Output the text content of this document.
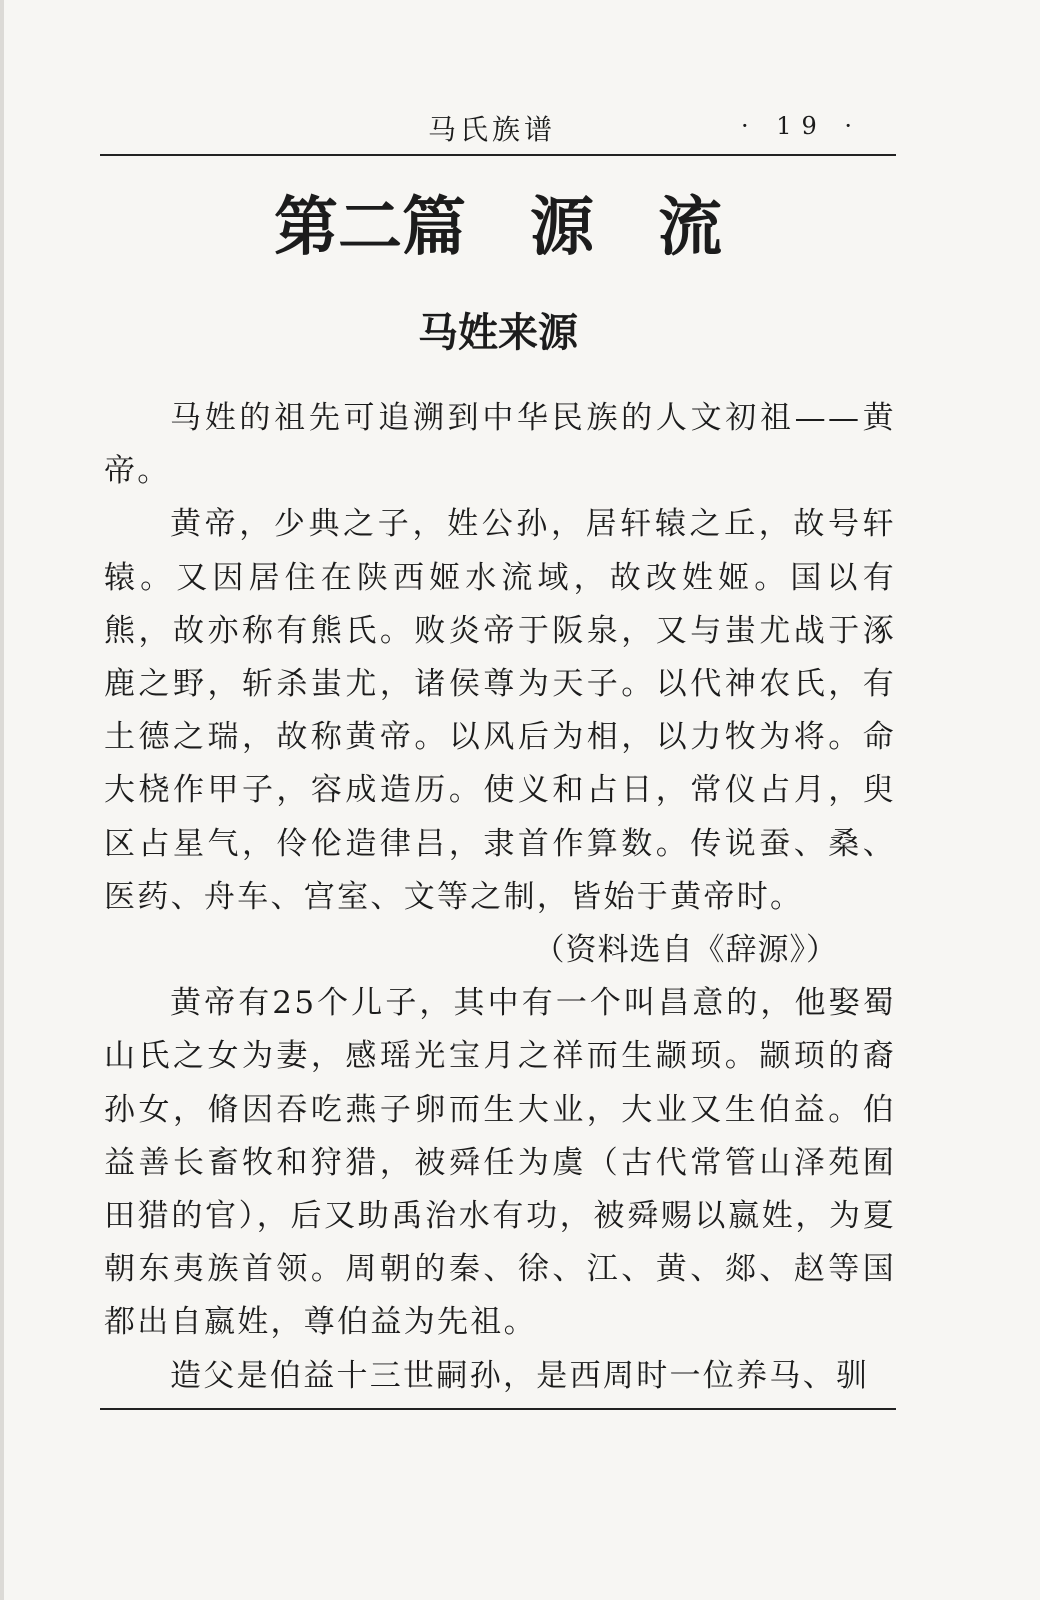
马氏族谱	· 19 ·
第二篇　源　流
马姓来源

马姓的祖先可追溯到中华民族的人文初祖——黄帝。

黄帝，少典之子，姓公孙，居轩辕之丘，故号轩辕。又因居住在陕西姬水流域，故改姓姬。国以有熊，故亦称有熊氏。败炎帝于阪泉，又与蚩尤战于涿鹿之野，斩杀蚩尤，诸侯尊为天子。以代神农氏，有土德之瑞，故称黄帝。以风后为相，以力牧为将。命大桡作甲子，容成造历。使义和占日，常仪占月，臾区占星气，伶伦造律吕，隶首作算数。传说蚕、桑、医药、舟车、宫室、文等之制，皆始于黄帝时。

（资料选自《辞源》）

黄帝有25个儿子，其中有一个叫昌意的，他娶蜀山氏之女为妻，感瑶光宝月之祥而生颛顼。颛顼的裔孙女，脩因吞吃燕子卵而生大业，大业又生伯益。伯益善长畜牧和狩猎，被舜任为虞（古代常管山泽苑囿田猎的官），后又助禹治水有功，被舜赐以嬴姓，为夏朝东夷族首领。周朝的秦、徐、江、黄、郯、赵等国都出自嬴姓，尊伯益为先祖。

造父是伯益十三世嗣孙，是西周时一位养马、驯
